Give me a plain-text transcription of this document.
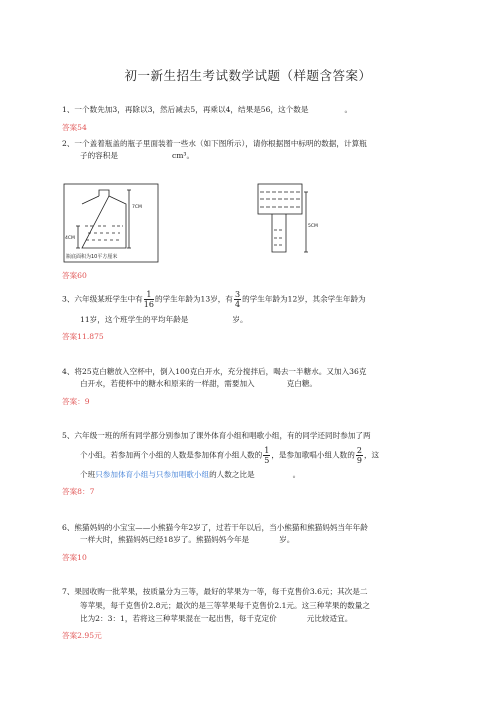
初一新生招生考试数学试题（样题含答案）
1、一个数先加3，再除以3，然后减去5，再乘以4，结果是56，这个数是	。
答案54
2、一个盖着瓶盖的瓶子里面装着一些水（如下图所示），请你根据图中标明的数据，计算瓶
子的容积是	cm³。
7CM
4CM
瓶底面积为10平方厘米
5CM
答案60
3、六年级某班学生中有 $\frac{1}{16}$ 的学生年龄为13岁，有 $\frac{3}{4}$ 的学生年龄为12岁，其余学生年龄为
11岁，这个班学生的平均年龄是	岁。
答案11.875
4、将25克白糖放入空杯中，倒入100克白开水，充分搅拌后，喝去一半糖水。又加入36克
白开水，若使杯中的糖水和原来的一样甜，需要加入	克白糖。
答案：9
5、六年级一班的所有同学都分别参加了课外体育小组和唱歌小组，有的同学还同时参加了两
个小组。若参加两个小组的人数是参加体育小组人数的 $\frac{1}{5}$ ，是参加歌唱小组人数的 $\frac{2}{9}$ ，这
个班只参加体育小组与只参加唱歌小组的人数之比是	。
答案8：7
6、熊猫妈妈的小宝宝——小熊猫今年2岁了，过若干年以后，当小熊猫和熊猫妈妈当年年龄
一样大时，熊猫妈妈已经18岁了。熊猫妈妈今年是	岁。
答案10
7、果园收购一批苹果，按质量分为三等，最好的苹果为一等，每千克售价3.6元；其次是二
等苹果，每千克售价2.8元；最次的是三等苹果每千克售价2.1元。这三种苹果的数量之
比为2：3：1，若将这三种苹果混在一起出售，每千克定价	元比较适宜。
答案2.95元
